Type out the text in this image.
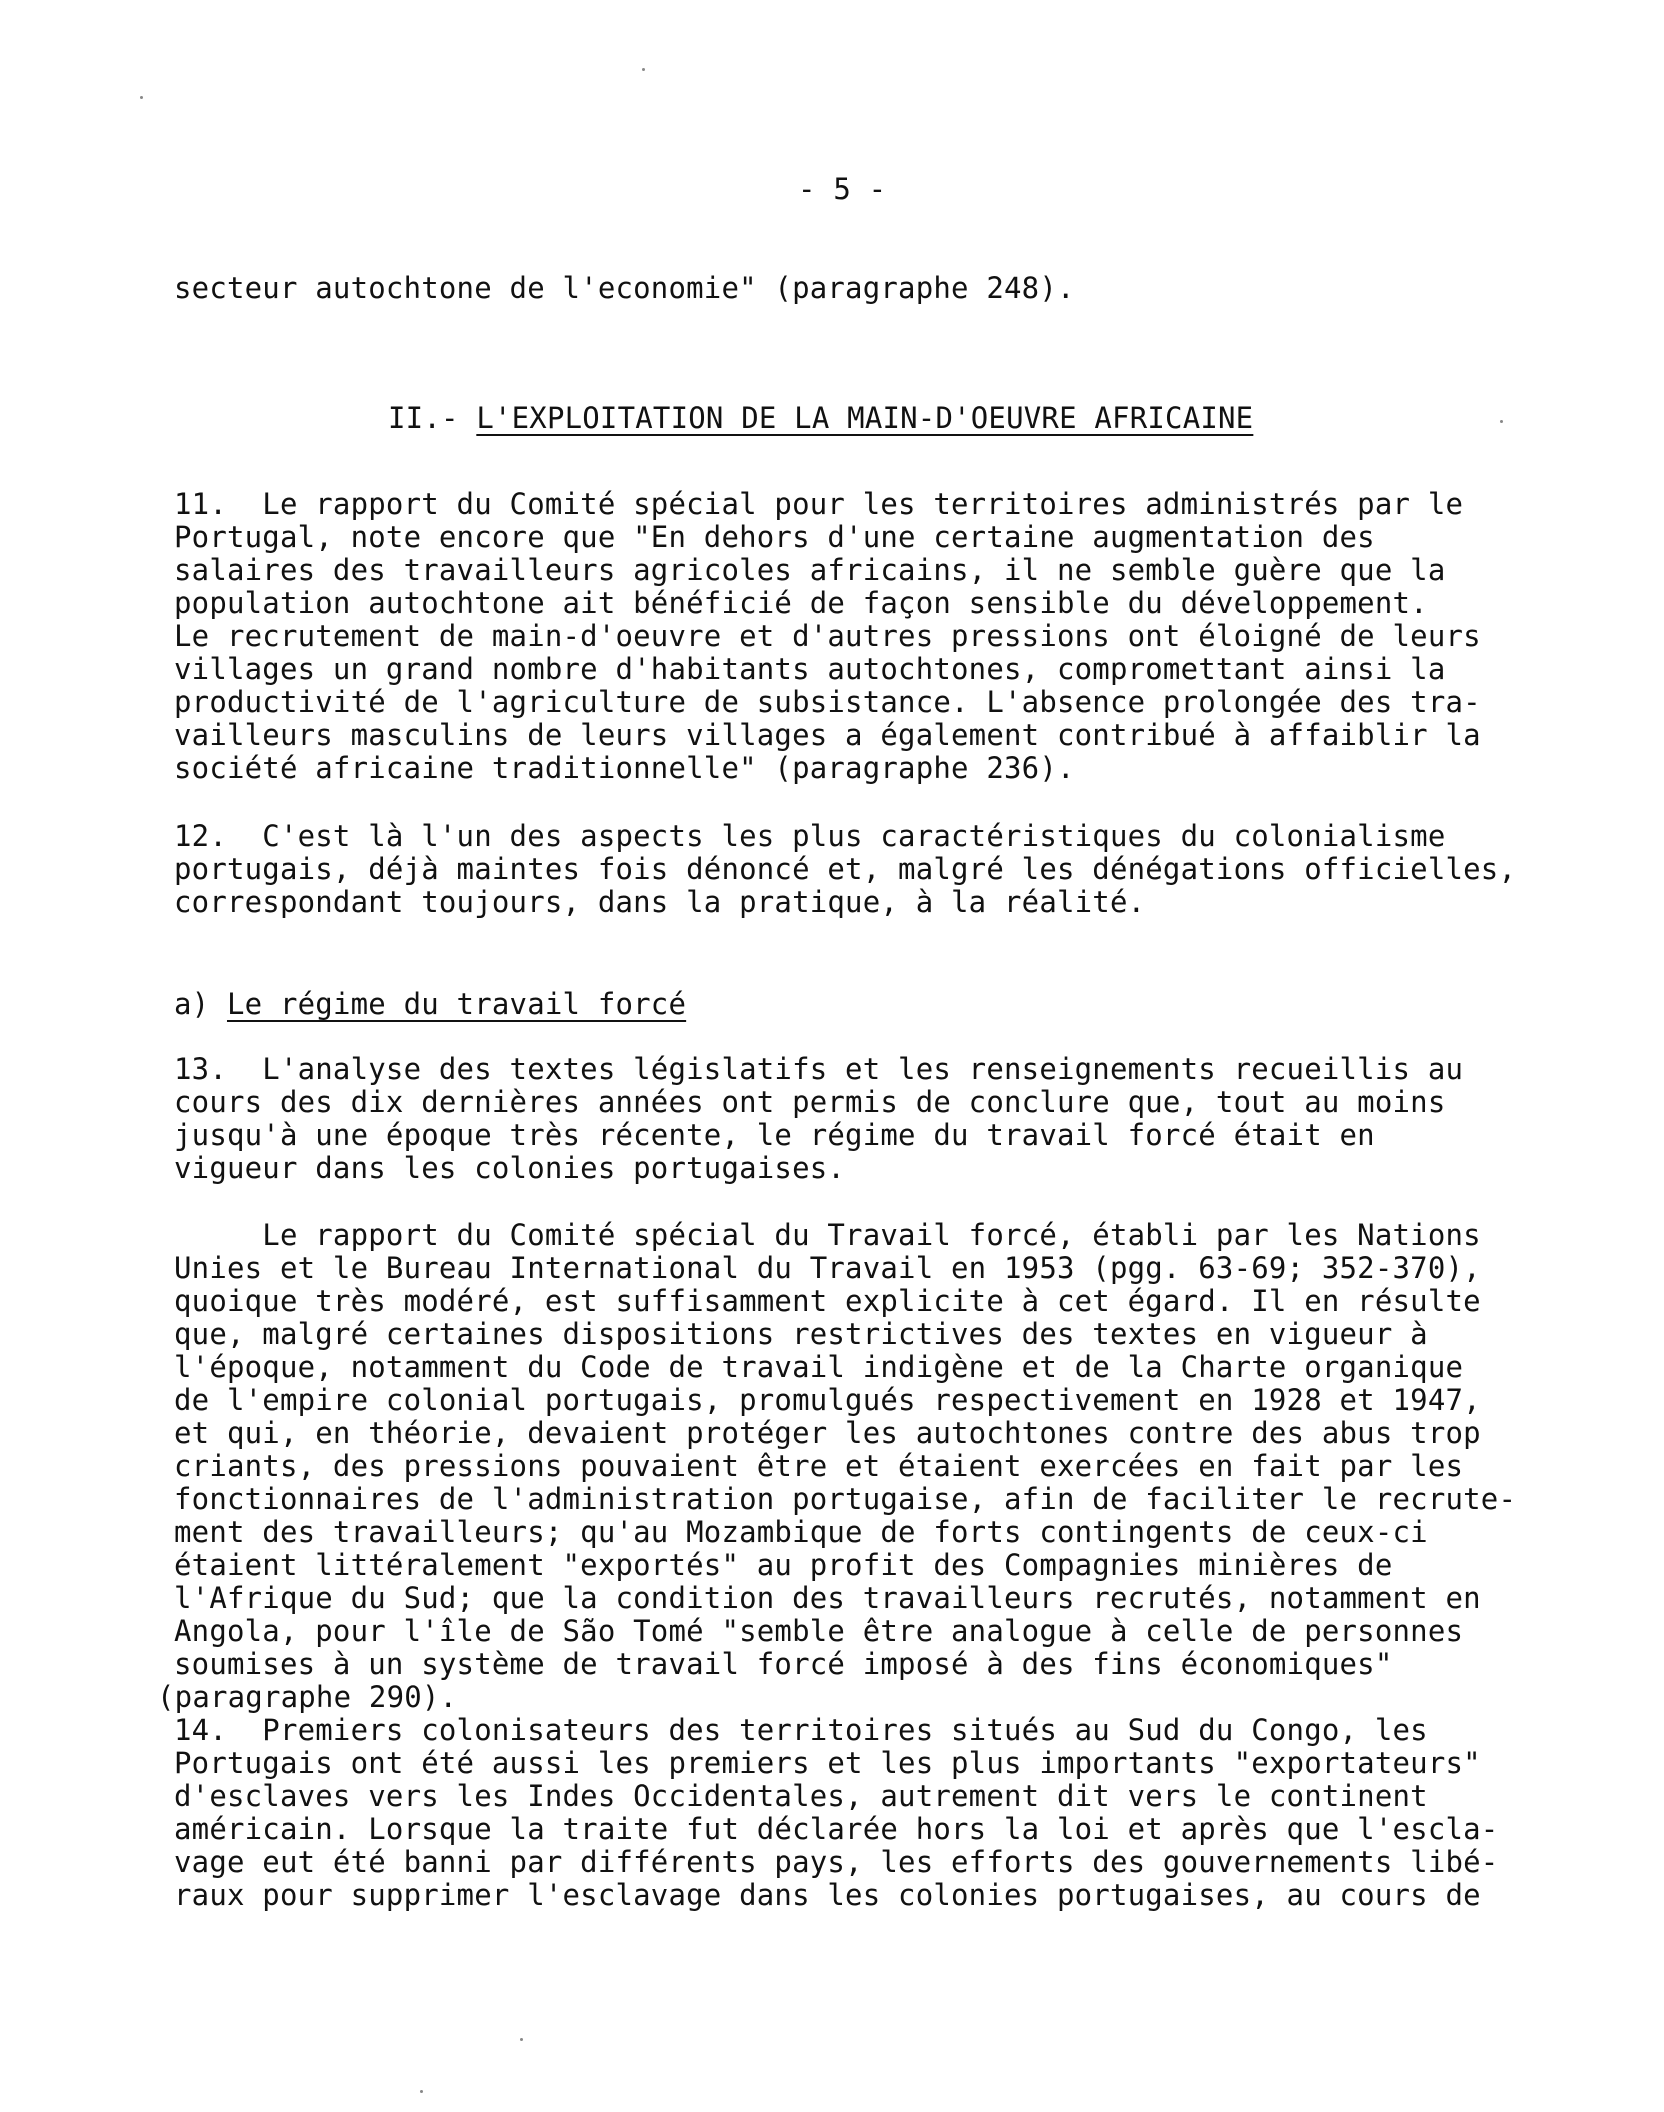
- 5 -
secteur autochtone de l'economie" (paragraphe 248).
II.- L'EXPLOITATION DE LA MAIN-D'OEUVRE AFRICAINE
11.  Le rapport du Comité spécial pour les territoires administrés par le
Portugal, note encore que "En dehors d'une certaine augmentation des
salaires des travailleurs agricoles africains, il ne semble guère que la
population autochtone ait bénéficié de façon sensible du développement.
Le recrutement de main-d'oeuvre et d'autres pressions ont éloigné de leurs
villages un grand nombre d'habitants autochtones, compromettant ainsi la
productivité de l'agriculture de subsistance. L'absence prolongée des tra-
vailleurs masculins de leurs villages a également contribué à affaiblir la
société africaine traditionnelle" (paragraphe 236).
12.  C'est là l'un des aspects les plus caractéristiques du colonialisme
portugais, déjà maintes fois dénoncé et, malgré les dénégations officielles,
correspondant toujours, dans la pratique, à la réalité.
a) Le régime du travail forcé
13.  L'analyse des textes législatifs et les renseignements recueillis au
cours des dix dernières années ont permis de conclure que, tout au moins
jusqu'à une époque très récente, le régime du travail forcé était en
vigueur dans les colonies portugaises.
Le rapport du Comité spécial du Travail forcé, établi par les Nations
Unies et le Bureau International du Travail en 1953 (pgg. 63-69; 352-370),
quoique très modéré, est suffisamment explicite à cet égard. Il en résulte
que, malgré certaines dispositions restrictives des textes en vigueur à
l'époque, notamment du Code de travail indigène et de la Charte organique
de l'empire colonial portugais, promulgués respectivement en 1928 et 1947,
et qui, en théorie, devaient protéger les autochtones contre des abus trop
criants, des pressions pouvaient être et étaient exercées en fait par les
fonctionnaires de l'administration portugaise, afin de faciliter le recrute-
ment des travailleurs; qu'au Mozambique de forts contingents de ceux-ci
étaient littéralement "exportés" au profit des Compagnies minières de
l'Afrique du Sud; que la condition des travailleurs recrutés, notamment en
Angola, pour l'île de São Tomé "semble être analogue à celle de personnes
soumises à un système de travail forcé imposé à des fins économiques"
(paragraphe 290).
14.  Premiers colonisateurs des territoires situés au Sud du Congo, les
Portugais ont été aussi les premiers et les plus importants "exportateurs"
d'esclaves vers les Indes Occidentales, autrement dit vers le continent
américain. Lorsque la traite fut déclarée hors la loi et après que l'escla-
vage eut été banni par différents pays, les efforts des gouvernements libé-
raux pour supprimer l'esclavage dans les colonies portugaises, au cours de
